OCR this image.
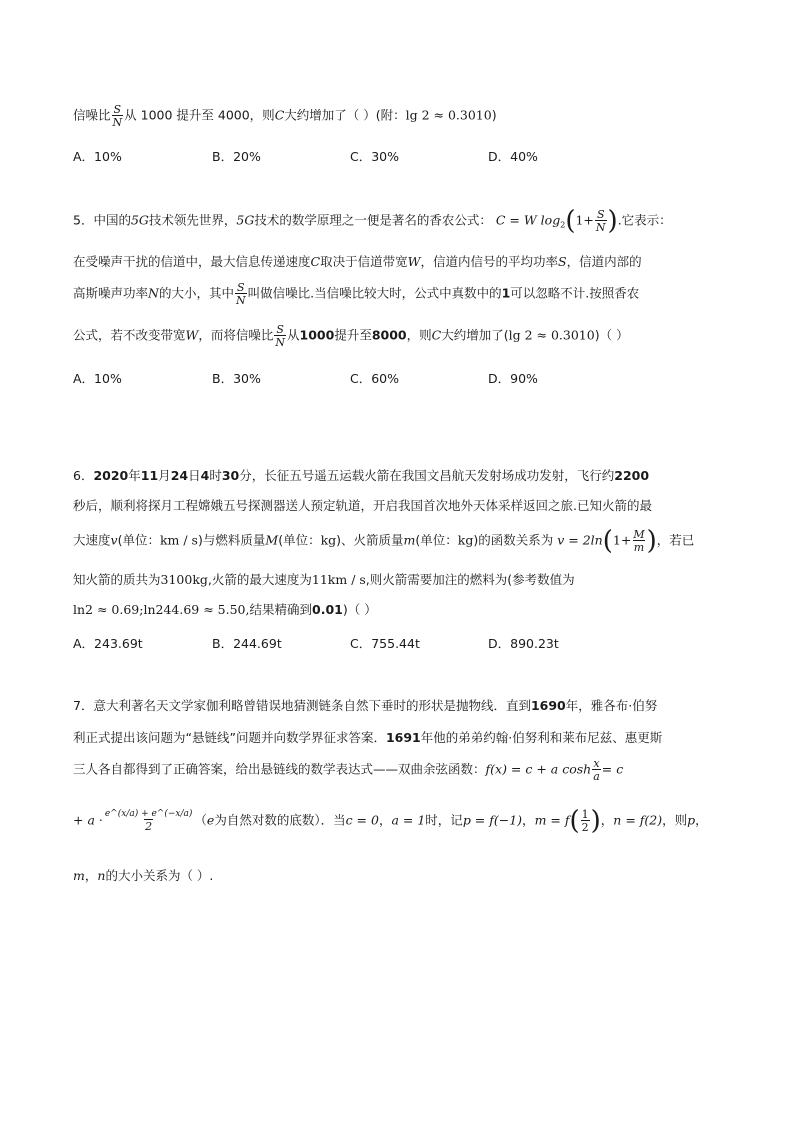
信噪比 $\frac{S}{N}$ 从 1000 提升至 4000，则C大约增加了（ ）(附：lg 2 ≈ 0.3010)
A．10%	B．20%	C．30%	D．40%
5．中国的5G技术领先世界，5G技术的数学原理之一便是著名的香农公式： C = W $\log_2(1+ \frac{S}{N}$ ).它表示：
在受噪声干扰的信道中，最大信息传递速度C取决于信道带宽W，信道内信号的平均功率S，信道内部的
高斯噪声功率N的大小，其中 $\frac{S}{N}$ 叫做信噪比.当信噪比较大时，公式中真数中的1可以忽略不计.按照香农
公式，若不改变带宽W，而将信噪比 $\frac{S}{N}$ 从1000提升至8000，则C大约增加了(lg 2 ≈ 0.3010)（ ）
A．10%	B．30%	C．60%	D．90%
6．2020年11月24日4时30分，长征五号遥五运载火箭在我国文昌航天发射场成功发射，飞行约2200
秒后，顺利将探月工程嫦娥五号探测器送人预定轨道，开启我国首次地外天体采样返回之旅.已知火箭的最
大速度v(单位：km / s)与燃料质量M(单位：kg)、火箭质量m(单位：kg)的函数关系为 $v = 2\ln(1+ \frac{M}{m}$ )，若已
知火箭的质共为3100kg,火箭的最大速度为11km / s,则火箭需要加注的燃料为(参考数值为
ln2 ≈ 0.69;ln244.69 ≈ 5.50,结果精确到0.01)（ ）
A．243.69t	B．244.69t	C．755.44t	D．890.23t
7．意大利著名天文学家伽利略曾错误地猜测链条自然下垂时的形状是抛物线．直到1690年，雅各布·伯努
利正式提出该问题为“悬链线”问题并向数学界征求答案．1691年他的弟弟约翰·伯努利和莱布尼兹、惠更斯
三人各自都得到了正确答案，给出悬链线的数学表达式——双曲余弦函数：f(x) = c + a $\cosh \frac{x}{a} = c$
+ $a \cdot \frac{e\^{}(x/a) + e\^{}(-x/a)}{2} (e$为自然对数的底数）．当c = 0，a = 1时，记p = f(−1)，$m = f( \frac{1}{2}$ )，n = f(2)，则p，
m，n的大小关系为（ ）.
